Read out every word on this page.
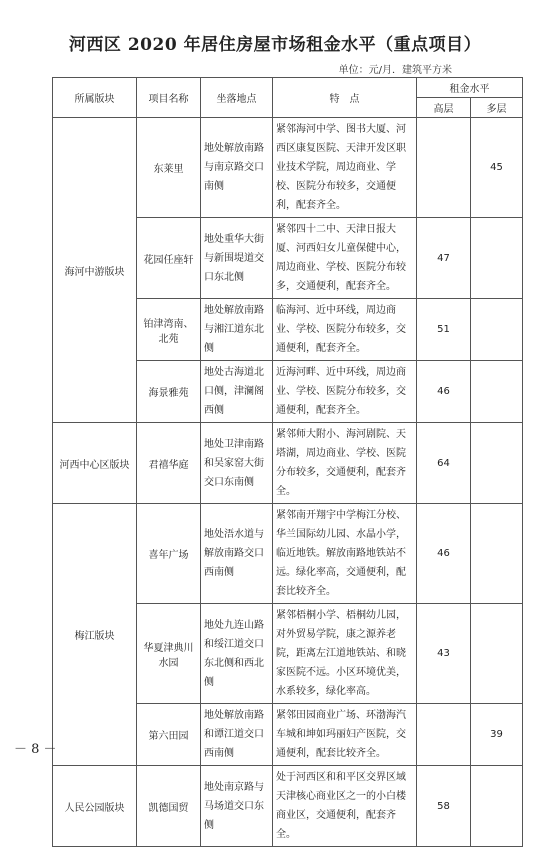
河西区 2020 年居住房屋市场租金水平（重点项目）
单位：元/月．建筑平方米
所属版块	项目名称	坐落地点	特　点	租金水平	
				高层	多层
海河中游版块	东莱里	地处解放南路与南京路交口南侧	紧邻海河中学、图书大厦、河西区康复医院、天津开发区职业技术学院，周边商业、学校、医院分布较多，交通便利，配套齐全。		45
	花园任座轩	地处重华大街与新围堤道交口东北侧	紧邻四十二中、天津日报大厦、河西妇女儿童保健中心，周边商业、学校、医院分布较多，交通便利，配套齐全。	47	
	铂津湾南、北苑	地处解放南路与湘江道东北侧	临海河、近中环线，周边商业、学校、医院分布较多，交通便利，配套齐全。	51	
	海景雅苑	地处古海道北口侧，津澜阁西侧	近海河畔、近中环线，周边商业、学校、医院分布较多，交通便利，配套齐全。	46	
河西中心区版块	君禧华庭	地处卫津南路和吴家窑大街交口东南侧	紧邻师大附小、海河剧院、天塔湖，周边商业、学校、医院分布较多，交通便利，配套齐全。	64	
梅江版块	喜年广场	地处浯水道与解放南路交口西南侧	紧邻南开翔宇中学梅江分校、华兰国际幼儿园、水晶小学，临近地铁。解放南路地铁站不远。绿化率高，交通便利，配套比较齐全。	46	
	华夏津典川水园	地处九连山路和绥江道交口东北侧和西北侧	紧邻梧桐小学、梧桐幼儿园，对外贸易学院，康之源养老院，距离左江道地铁站、和晓家医院不远。小区环境优美，水系较多，绿化率高。	43	
	第六田园	地处解放南路和谭江道交口西南侧	紧邻田园商业广场、环渤海汽车城和坤如玛丽妇产医院，交通便利，配套比较齐全。		39
人民公园版块	凯德国贸	地处南京路与马场道交口东侧	处于河西区和和平区交界区域天津核心商业区之一的小白楼商业区，交通便利，配套齐全。	58	
－ 8 －
